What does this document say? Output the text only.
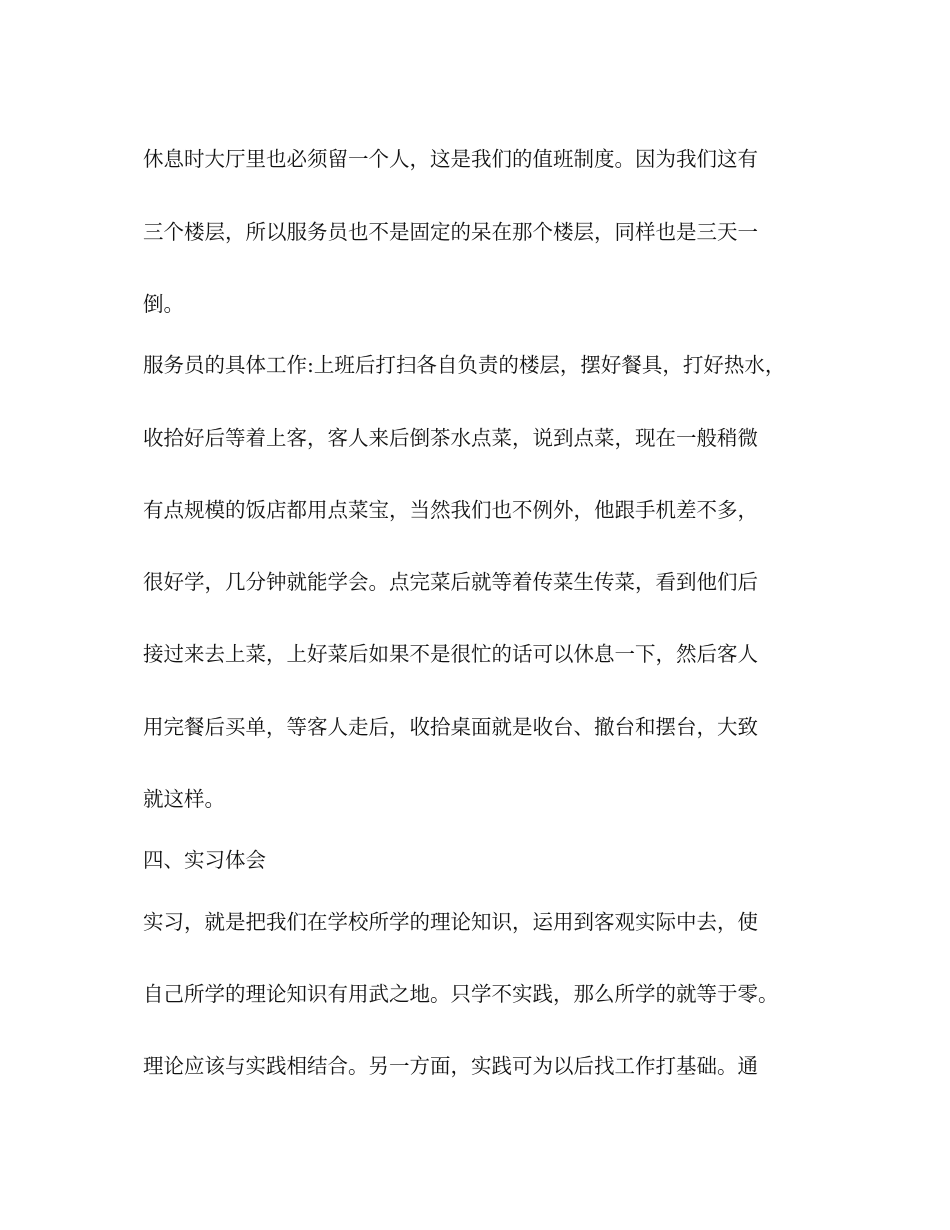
休息时大厅里也必须留一个人，这是我们的值班制度。因为我们这有

三个楼层，所以服务员也不是固定的呆在那个楼层，同样也是三天一

倒。

服务员的具体工作:上班后打扫各自负责的楼层，摆好餐具，打好热水，

收拾好后等着上客，客人来后倒茶水点菜，说到点菜，现在一般稍微

有点规模的饭店都用点菜宝，当然我们也不例外，他跟手机差不多，

很好学，几分钟就能学会。点完菜后就等着传菜生传菜，看到他们后

接过来去上菜，上好菜后如果不是很忙的话可以休息一下，然后客人

用完餐后买单，等客人走后，收拾桌面就是收台、撤台和摆台，大致

就这样。

四、实习体会

实习，就是把我们在学校所学的理论知识，运用到客观实际中去，使

自己所学的理论知识有用武之地。只学不实践，那么所学的就等于零。

理论应该与实践相结合。另一方面，实践可为以后找工作打基础。通
